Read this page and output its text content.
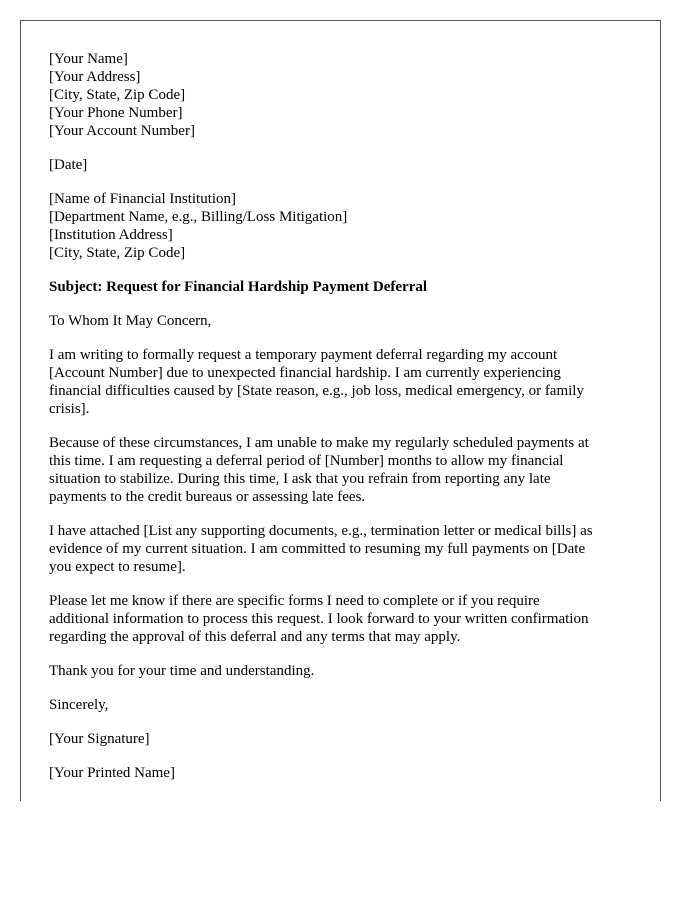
[Your Name]
[Your Address]
[City, State, Zip Code]
[Your Phone Number]
[Your Account Number]
[Date]
[Name of Financial Institution]
[Department Name, e.g., Billing/Loss Mitigation]
[Institution Address]
[City, State, Zip Code]
Subject: Request for Financial Hardship Payment Deferral
To Whom It May Concern,

I am writing to formally request a temporary payment deferral regarding my account
[Account Number] due to unexpected financial hardship. I am currently experiencing
financial difficulties caused by [State reason, e.g., job loss, medical emergency, or family
crisis].

Because of these circumstances, I am unable to make my regularly scheduled payments at
this time. I am requesting a deferral period of [Number] months to allow my financial
situation to stabilize. During this time, I ask that you refrain from reporting any late
payments to the credit bureaus or assessing late fees.

I have attached [List any supporting documents, e.g., termination letter or medical bills] as
evidence of my current situation. I am committed to resuming my full payments on [Date
you expect to resume].

Please let me know if there are specific forms I need to complete or if you require
additional information to process this request. I look forward to your written confirmation
regarding the approval of this deferral and any terms that may apply.

Thank you for your time and understanding.

Sincerely,
[Your Signature]
[Your Printed Name]
